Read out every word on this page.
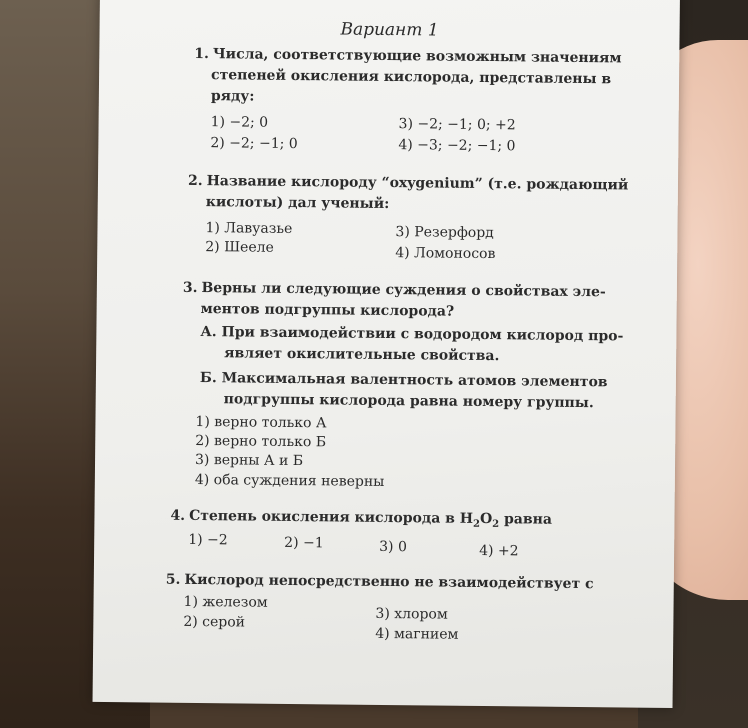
Вариант 1
1. Числа, соответствующие возможным значениям
степеней окисления кислорода, представлены в
ряду:
1) −2; 0
2) −2; −1; 0
3) −2; −1; 0; +2
4) −3; −2; −1; 0
2. Название кислороду “oxygenium” (т.е. рождающий
кислоты) дал ученый:
1) Лавуазье
2) Шееле
3) Резерфорд
4) Ломоносов
3. Верны ли следующие суждения о свойствах эле-
ментов подгруппы кислорода?
А. При взаимодействии с водородом кислород про-
являет окислительные свойства.
Б. Максимальная валентность атомов элементов
подгруппы кислорода равна номеру группы.
1) верно только А
2) верно только Б
3) верны А и Б
4) оба суждения неверны
4. Степень окисления кислорода в $H_2O_2$ равна
1) −2	2) −1	3) 0	4) +2
5. Кислород непосредственно не взаимодействует с
1) железом
2) серой	3) хлором
4) магнием
